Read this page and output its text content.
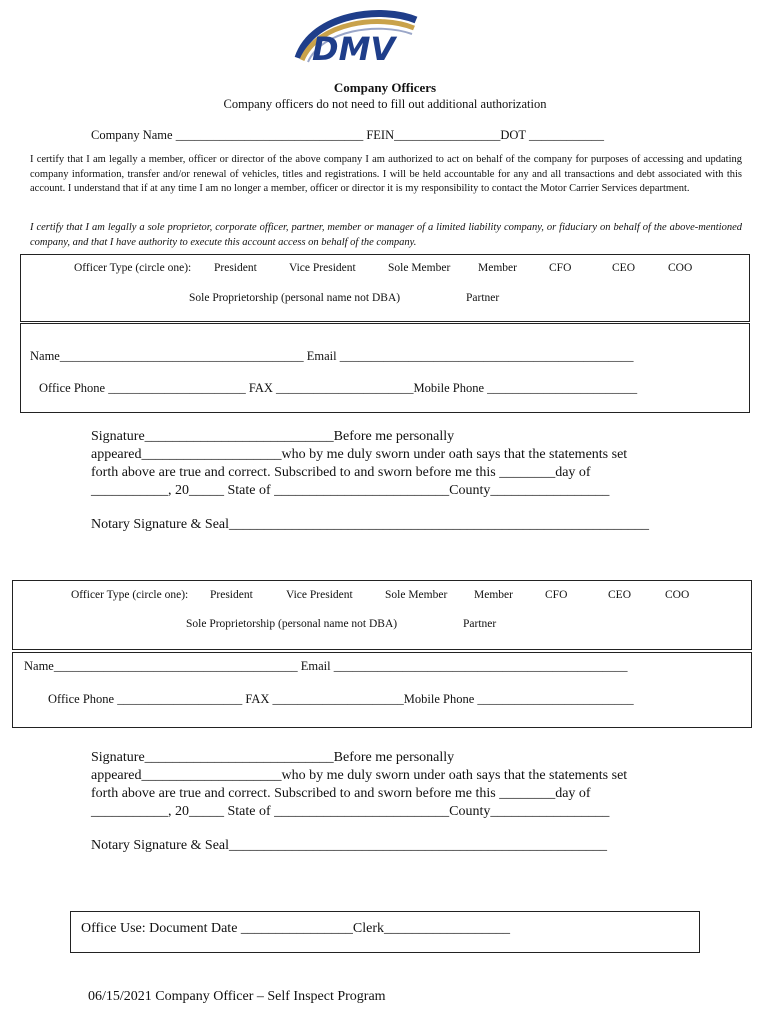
DMV
Company Officers
Company officers do not need to fill out additional authorization
Company Name ______________________________ FEIN_________________DOT ____________
I certify that I am legally a member, officer or director of the above company I am authorized to act on behalf of the company for purposes of accessing and updating company information, transfer and/or renewal of vehicles, titles and registrations. I will be held accountable for any and all transactions and debt associated with this account. I understand that if at any time I am no longer a member, officer or director it is my responsibility to contact the Motor Carrier Services department.
I certify that I am legally a sole proprietor, corporate officer, partner, member or manager of a limited liability company, or fiduciary on behalf of the above-mentioned company, and that I have authority to execute this account access on behalf of the company.
Officer Type (circle one): President	Vice President	Sole Member Member	CFO	CEO	COO
Sole Proprietorship (personal name not DBA)	Partner
Name_______________________________________ Email _______________________________________________
Office Phone ______________________ FAX ______________________Mobile Phone ________________________
Signature___________________________Before me personally
appeared____________________who by me duly sworn under oath says that the statements set
forth above are true and correct. Subscribed to and sworn before me this ________day of
___________, 20_____ State of _________________________County_________________
Notary Signature & Seal____________________________________________________________
Officer Type (circle one): President	Vice President	Sole Member Member	CFO	CEO	COO
Sole Proprietorship (personal name not DBA)	Partner
Name_______________________________________ Email _______________________________________________
Office Phone ____________________ FAX _____________________Mobile Phone _________________________
Signature___________________________Before me personally
appeared____________________who by me duly sworn under oath says that the statements set
forth above are true and correct. Subscribed to and sworn before me this ________day of
___________, 20_____ State of _________________________County_________________
Notary Signature & Seal______________________________________________________
Office Use: Document Date ________________Clerk__________________
06/15/2021 Company Officer – Self Inspect Program
